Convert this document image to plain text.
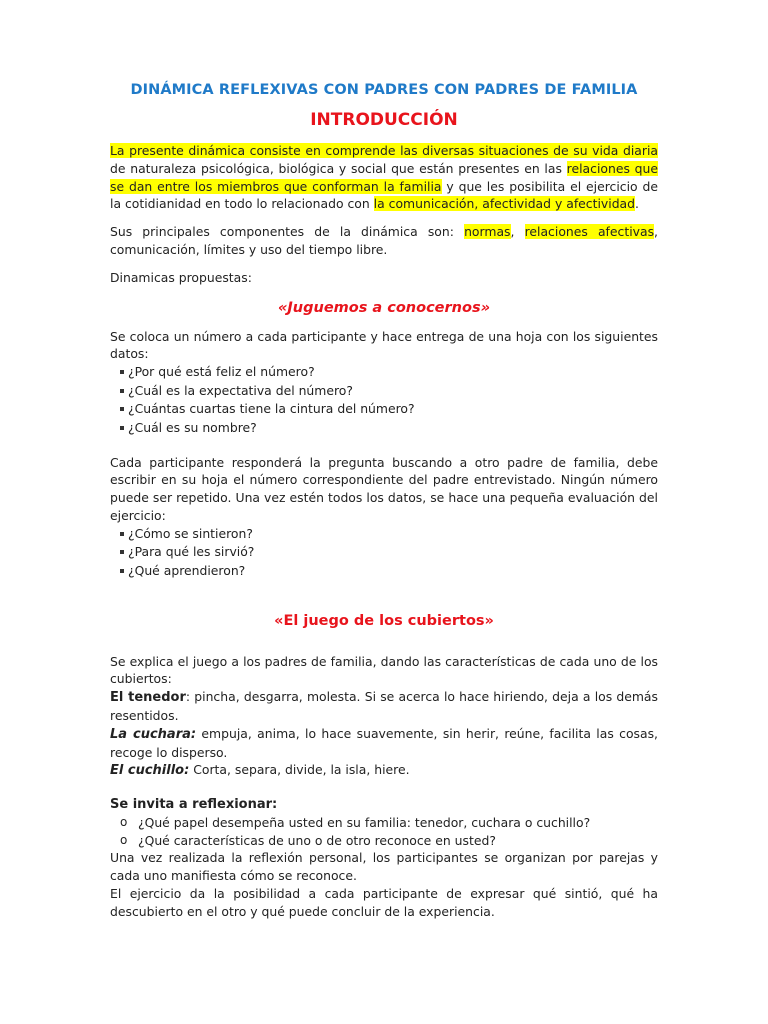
DINÁMICA REFLEXIVAS CON PADRES CON PADRES DE FAMILIA
INTRODUCCIÓN

La presente dinámica consiste en comprende las diversas situaciones de su vida diaria de naturaleza psicológica, biológica y social que están presentes en las relaciones que se dan entre los miembros que conforman la familia y que les posibilita el ejercicio de la cotidianidad en todo lo relacionado con la comunicación, afectividad y afectividad.

Sus principales componentes de la dinámica son: normas, relaciones afectivas, comunicación, límites y uso del tiempo libre.

Dinamicas propuestas:

«Juguemos a conocernos»

Se coloca un número a cada participante y hace entrega de una hoja con los siguientes datos:

¿Por qué está feliz el número?
¿Cuál es la expectativa del número?
¿Cuántas cuartas tiene la cintura del número?
¿Cuál es su nombre?

Cada participante responderá la pregunta buscando a otro padre de familia, debe escribir en su hoja el número correspondiente del padre entrevistado. Ningún número puede ser repetido. Una vez estén todos los datos, se hace una pequeña evaluación del ejercicio:

¿Cómo se sintieron?
¿Para qué les sirvió?
¿Qué aprendieron?
«El juego de los cubiertos»

Se explica el juego a los padres de familia, dando las características de cada uno de los cubiertos:

El tenedor: pincha, desgarra, molesta. Si se acerca lo hace hiriendo, deja a los demás resentidos.

La cuchara: empuja, anima, lo hace suavemente, sin herir, reúne, facilita las cosas, recoge lo disperso.

El cuchillo: Corta, separa, divide, la isla, hiere.

Se invita a reflexionar:

o ¿Qué papel desempeña usted en su familia: tenedor, cuchara o cuchillo?
o ¿Qué características de uno o de otro reconoce en usted?

Una vez realizada la reflexión personal, los participantes se organizan por parejas y cada uno manifiesta cómo se reconoce.

El ejercicio da la posibilidad a cada participante de expresar qué sintió, qué ha descubierto en el otro y qué puede concluir de la experiencia.
